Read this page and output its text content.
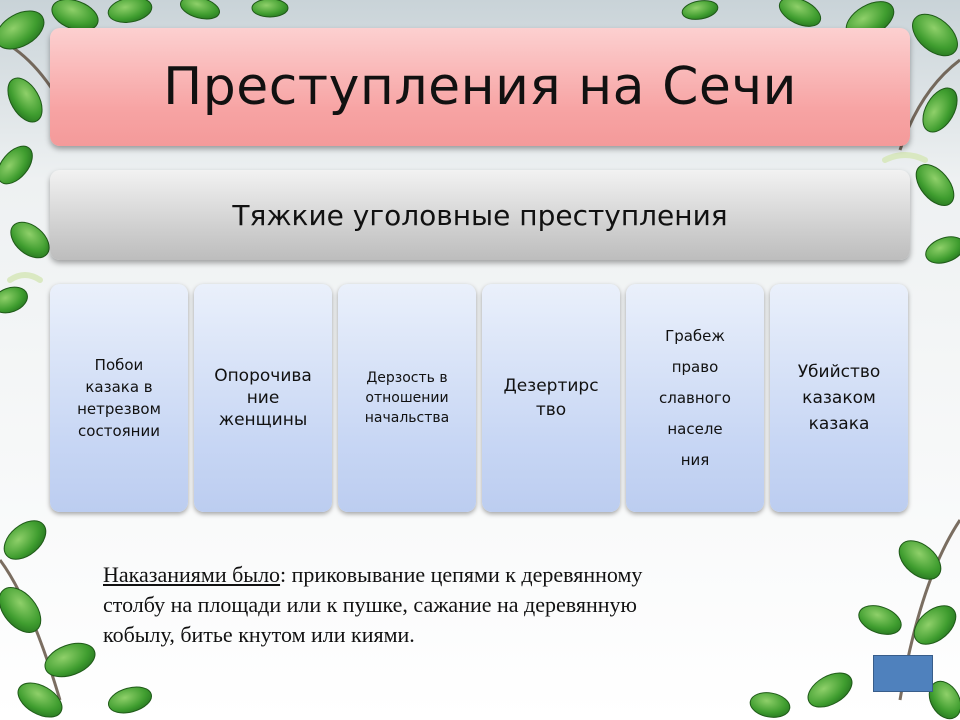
Преступления на Сечи
Тяжкие уголовные преступления
Побои
казака в
нетрезвом
состоянии
Опорочива
ние
женщины
Дерзость в
отношении
начальства
Дезертирс
тво
Грабеж
право
славного
населе
ния
Убийство
казаком
казака
Наказаниями было: приковывание цепями к деревянному
столбу на площади или к пушке, сажание на деревянную
кобылу, битье кнутом или киями.
